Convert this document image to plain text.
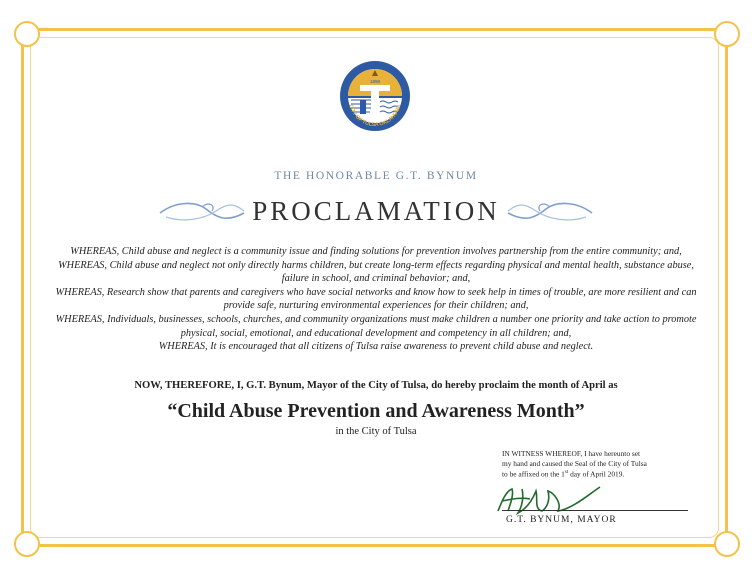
1898
CITY OF TULSA OKLAHOMA
THE HONORABLE G.T. BYNUM
PROCLAMATION

WHEREAS, Child abuse and neglect is a community issue and finding solutions for prevention involves partnership from the entire community; and,

WHEREAS, Child abuse and neglect not only directly harms children, but create long-term effects regarding physical and mental health, substance abuse, failure in school, and criminal behavior; and,

WHEREAS, Research show that parents and caregivers who have social networks and know how to seek help in times of trouble, are more resilient and can provide safe, nurturing environmental experiences for their children; and,

WHEREAS, Individuals, businesses, schools, churches, and community organizations must make children a number one priority and take action to promote physical, social, emotional, and educational development and competency in all children; and,

WHEREAS, It is encouraged that all citizens of Tulsa raise awareness to prevent child abuse and neglect.

NOW, THEREFORE, I, G.T. Bynum, Mayor of the City of Tulsa, do hereby proclaim the month of April as
“Child Abuse Prevention and Awareness Month”
in the City of Tulsa
IN WITNESS WHEREOF, I have hereunto set
my hand and caused the Seal of the City of Tulsa
to be affixed on the 1st day of April 2019.
G.T. BYNUM, MAYOR
